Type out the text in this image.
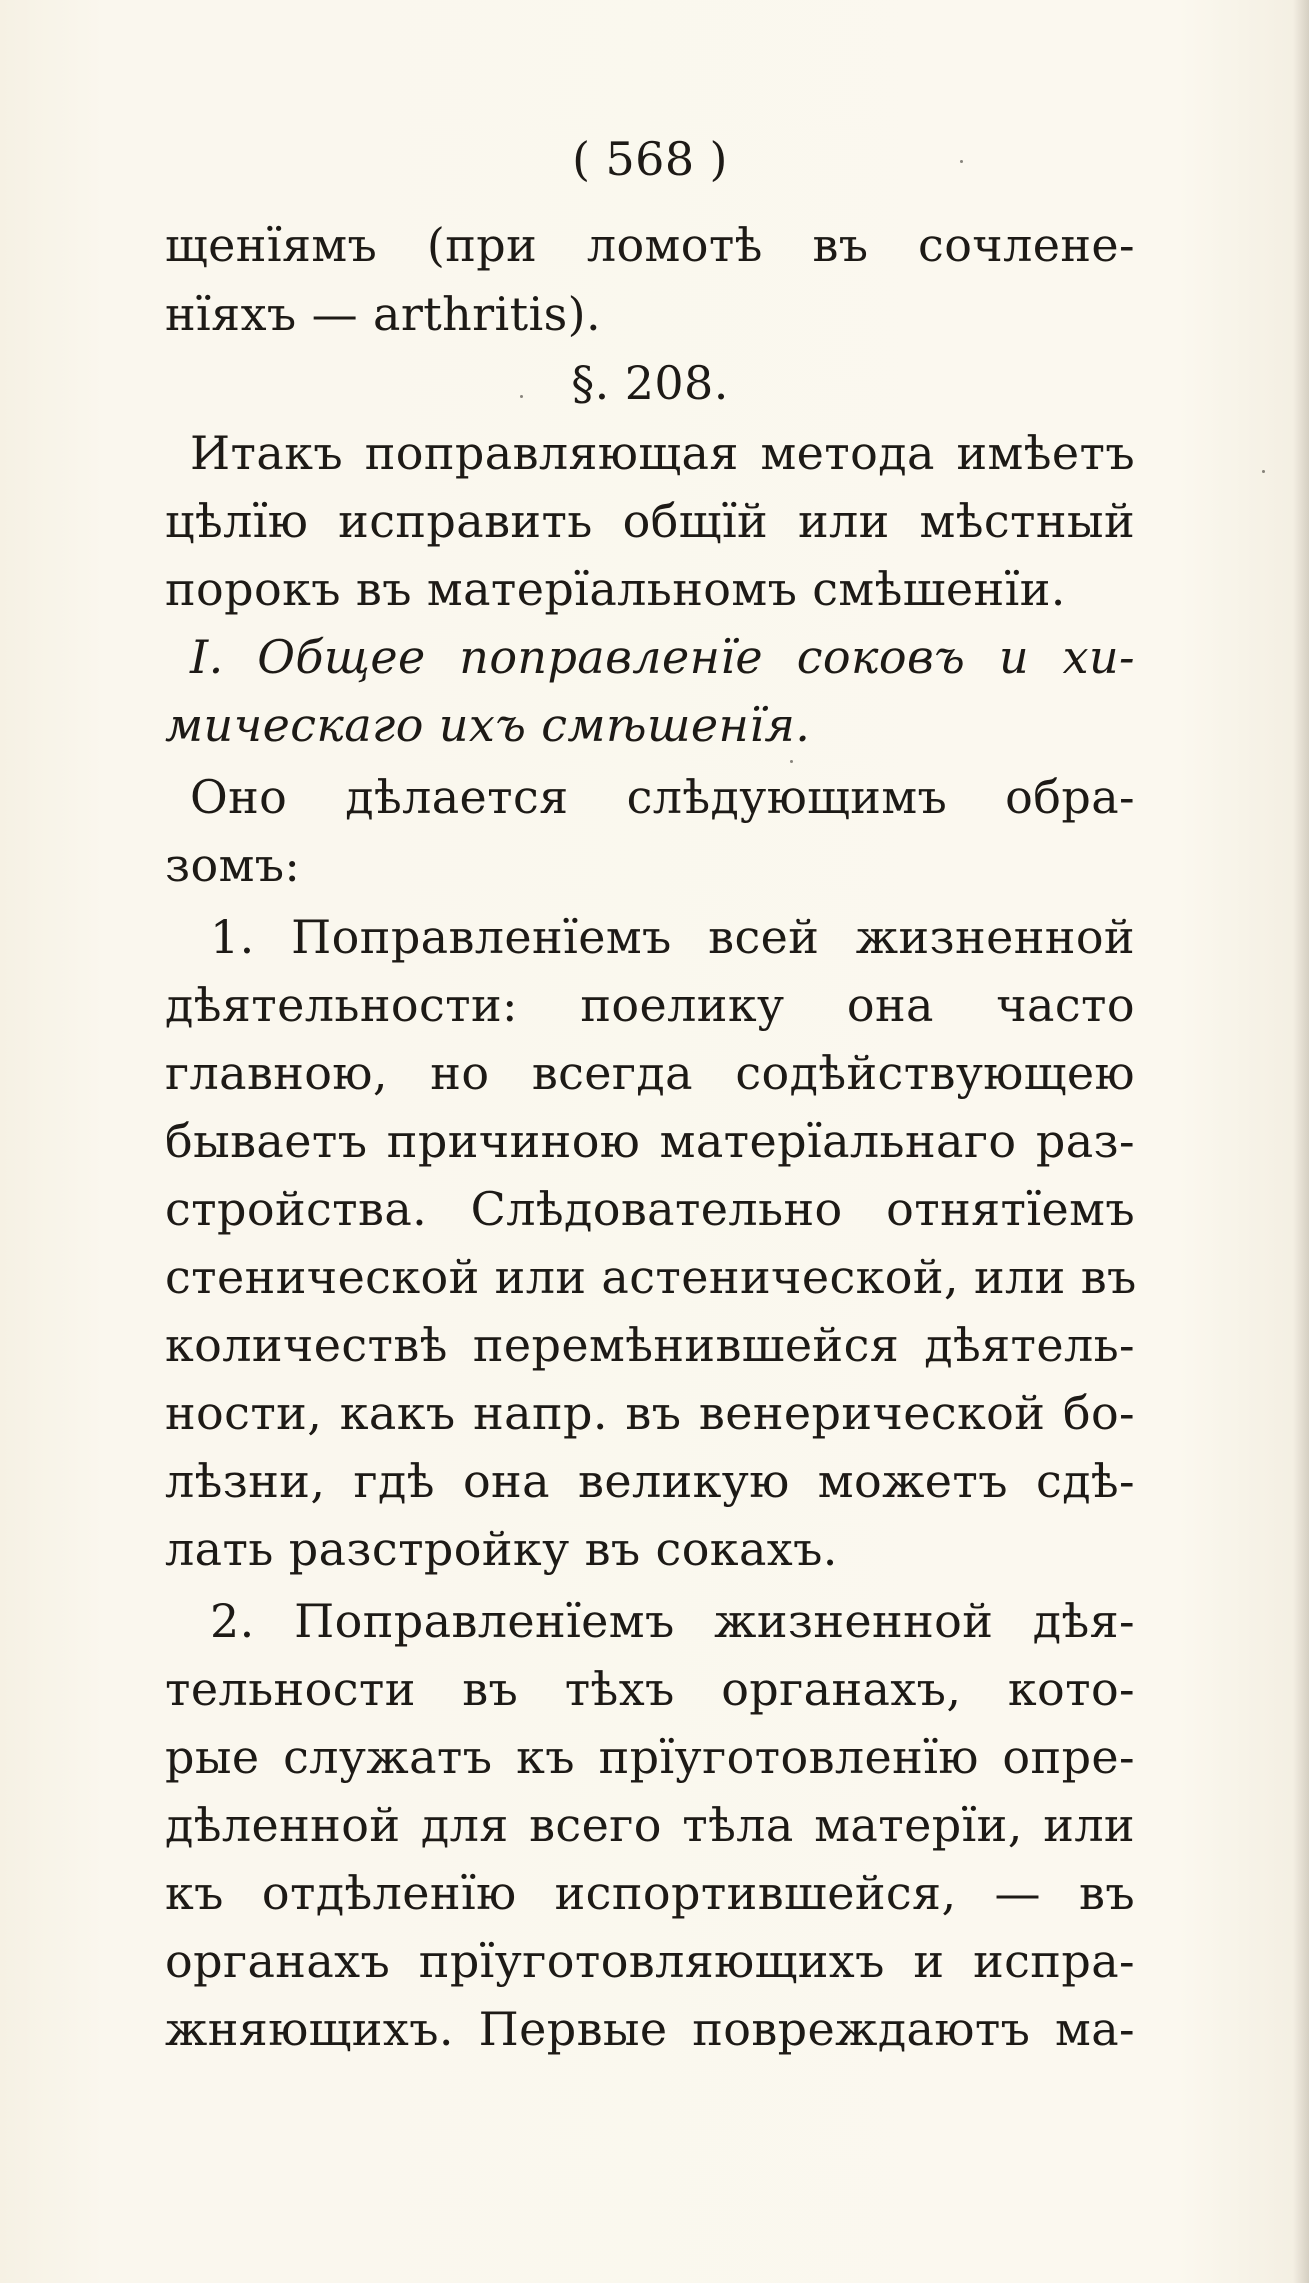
( 568 )
щенїямъ (при ломотѣ въ сочлене-
нїяхъ — arthritis).
§. 208.
Итакъ поправляющая метода имѣетъ
цѣлїю исправить общїй или мѣстный
порокъ въ матерїальномъ смѣшенїи.
I. Общее поправленїе соковъ и хи-
мическаго ихъ смѣшенїя.
Оно дѣлается слѣдующимъ обра-
зомъ:
1. Поправленїемъ всей жизненной
дѣятельности: поелику она часто
главною, но всегда содѣйствующею
бываетъ причиною матерїальнаго раз-
стройства. Слѣдовательно отнятїемъ
стенической или астенической, или въ
количествѣ перемѣнившейся дѣятель-
ности, какъ напр. въ венерической бо-
лѣзни, гдѣ она великую можетъ сдѣ-
лать разстройку въ сокахъ.
2. Поправленїемъ жизненной дѣя-
тельности въ тѣхъ органахъ, кото-
рые служатъ къ прїуготовленїю опре-
дѣленной для всего тѣла матерїи, или
къ отдѣленїю испортившейся, — въ
органахъ прїуготовляющихъ и испра-
жняющихъ. Первые повреждаютъ ма-
